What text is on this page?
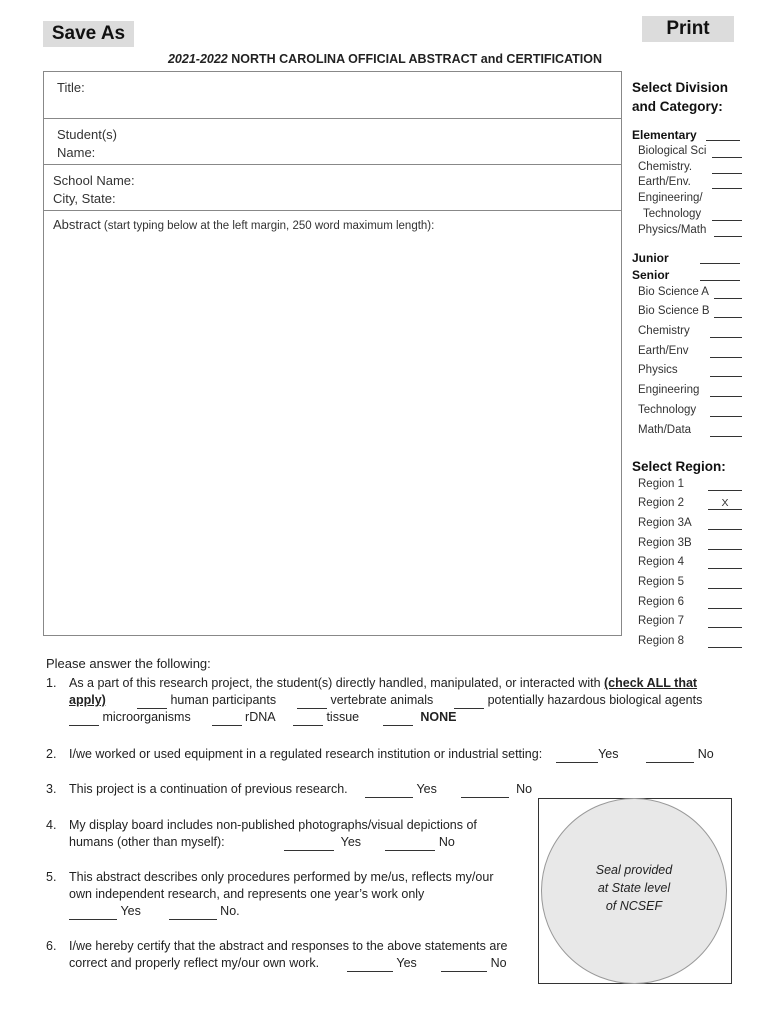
Save As	Print
2021-2022 NORTH CAROLINA OFFICIAL ABSTRACT and CERTIFICATION
Title:
Student(s)
Name:
School Name:
City, State:
Abstract (start typing below at the left margin, 250 word maximum length):
Select Division
and Category:
Elementary
Biological Sci
Chemistry.
Earth/Env.
Engineering/
Technology
Physics/Math
Junior
Senior
Bio Science A
Bio Science B
Chemistry
Earth/Env
Physics
Engineering
Technology
Math/Data
Select Region:
Region 1
Region 2	X
Region 3A
Region 3B
Region 4
Region 5
Region 6
Region 7
Region 8
Please answer the following:
1.	As a part of this research project, the student(s) directly handled, manipulated, or interacted with (check ALL that apply)	human participants	vertebrate animals	potentially hazardous biological agents
microorganisms	rDNA	tissue	NONE
2.	I/we worked or used equipment in a regulated research institution or industrial setting:	Yes	No
3.	This project is a continuation of previous research.	Yes	No
4.	My display board includes non-published photographs/visual depictions of
humans (other than myself):	Yes	No
5.	This abstract describes only procedures performed by me/us, reflects my/our
own independent research, and represents one year’s work only
Yes	No.
6.	I/we hereby certify that the abstract and responses to the above statements are
correct and properly reflect my/our own work.	Yes	No
Seal provided
at State level
of NCSEF
